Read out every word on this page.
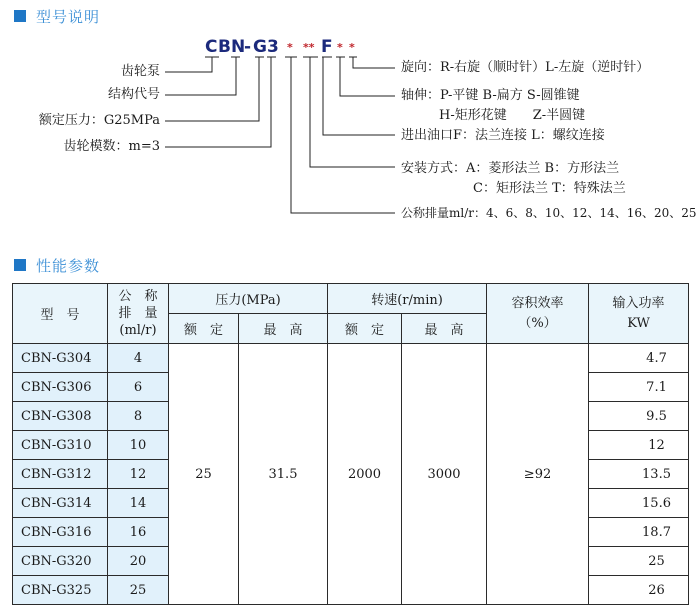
型号说明
C B N
- G 3 * ** F * *
齿轮泵
结构代号
额定压力：G25MPa
齿轮模数：m=3
旋向：R-右旋（顺时针）L-左旋（逆时针）
轴伸：P-平键 B-扁方 S-圆锥键
H-矩形花键　　Z-半圆键
进出油口F：法兰连接 L：螺纹连接
安装方式：A：菱形法兰 B：方形法兰
C：矩形法兰 T：特殊法兰
公称排量ml/r：4、6、8、10、12、14、16、20、25
性能参数
型　号	公　称
排　量
(ml/r)	压力(MPa)		转速(r/min)		容积效率
（%）	输入功率
KW
		额　定	最　高	额　定	最　高		
CBN-G304	4	25	31.5	2000	3000	≥92	4.7
CBN-G306	6						7.1
CBN-G308	8						9.5
CBN-G310	10						12
CBN-G312	12						13.5
CBN-G314	14						15.6
CBN-G316	16						18.7
CBN-G320	20						25
CBN-G325	25						26
